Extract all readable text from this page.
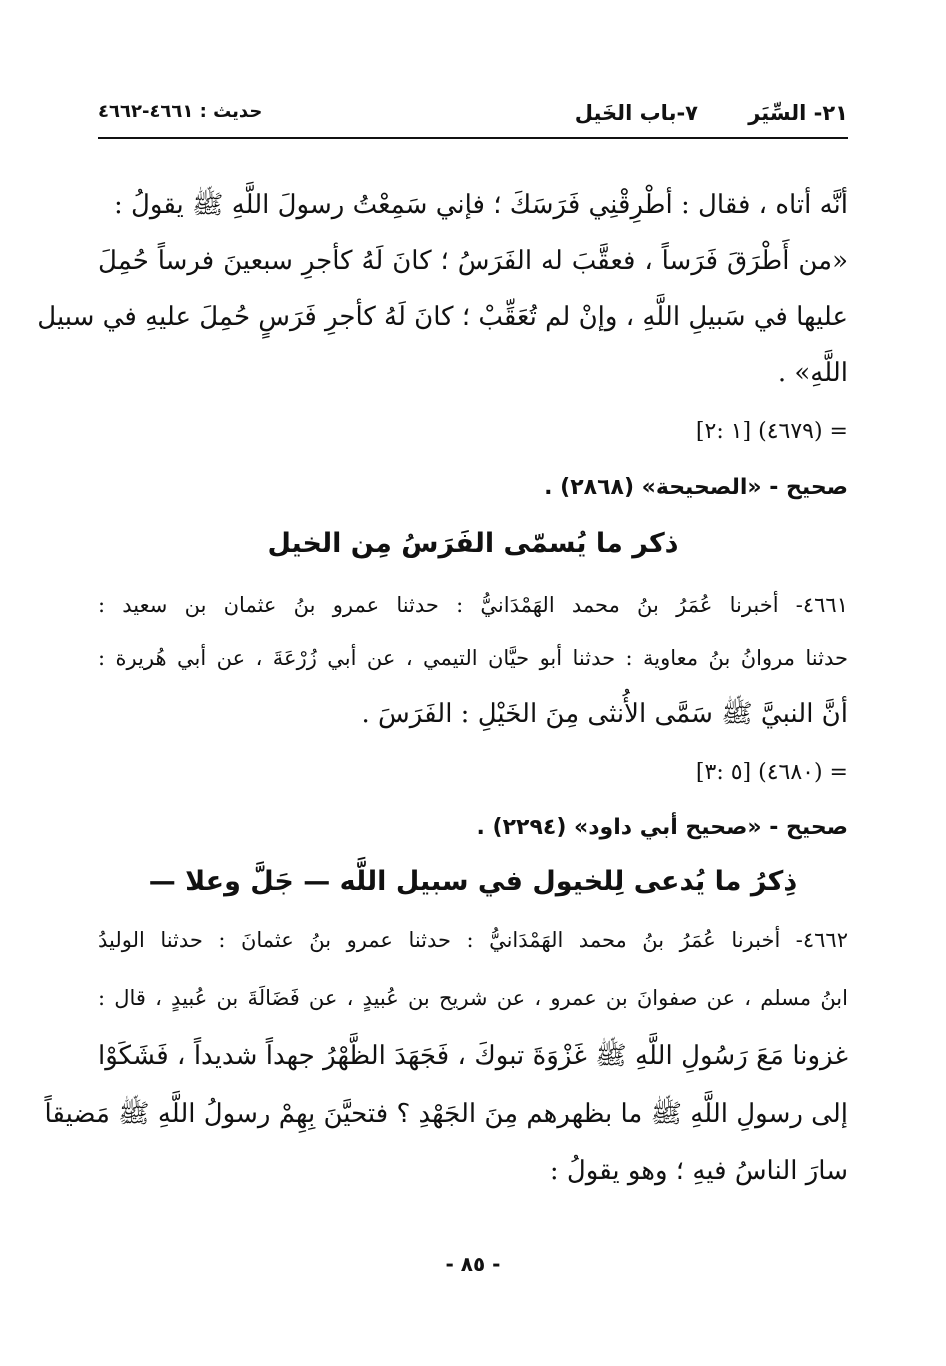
٢١- السِّيَر
٧-باب الخَيل
حديث : ٤٦٦١-٤٦٦٢
أنَّه أتاه ، فقال : أطْرِقْنِي فَرَسَكَ ؛ فإني سَمِعْتُ رسولَ اللَّهِ ﷺ يقولُ :
«من أَطْرَقَ فَرَساً ، فعقَّبَ له الفَرَسُ ؛ كانَ لَهُ كأجرِ سبعينَ فرساً حُمِلَ
عليها في سَبيلِ اللَّهِ ، وإنْ لم تُعَقِّبْ ؛ كانَ لَهُ كأجرِ فَرَسٍ حُمِلَ عليهِ في سبيل
اللَّهِ» .
= (٤٦٧٩) [١ :٢]
صحيح - «الصحيحة» (٢٨٦٨) .
ذكر ما يُسمّى الفَرَسُ مِن الخيل
٤٦٦١- أخبرنا عُمَرُ بنُ محمد الهَمْدَانيُّ : حدثنا عمرو بنُ عثمان بن سعيد :
حدثنا مروانُ بنُ معاوية : حدثنا أبو حيَّان التيمي ، عن أبي زُرْعَةَ ، عن أبي هُريرة :
أنَّ النبيَّ ﷺ سَمَّى الأُنثى مِنَ الخَيْلِ : الفَرَسَ .
= (٤٦٨٠) [٥ :٣]
صحيح - «صحيح أبي داود» (٢٢٩٤) .
ذِكرُ ما يُدعى لِلخيول في سبيل اللَّه — جَلَّ وعلا —
٤٦٦٢- أخبرنا عُمَرُ بنُ محمد الهَمْدَانيُّ : حدثنا عمرو بنُ عثمانَ : حدثنا الوليدُ
ابنُ مسلم ، عن صفوانَ بن عمرو ، عن شريح بن عُبيدٍ ، عن فَضَالَةَ بن عُبيدٍ ، قال :
غزونا مَعَ رَسُولِ اللَّهِ ﷺ غَزْوَةَ تبوكَ ، فَجَهَدَ الظَّهْرُ جهداً شديداً ، فَشَكَوْا
إلى رسولِ اللَّهِ ﷺ ما بظهرهم مِنَ الجَهْدِ ؟ فتحيَّنَ بِهِمْ رسولُ اللَّهِ ﷺ مَضيقاً
سارَ الناسُ فيهِ ؛ وهو يقولُ :
- ٨٥ -
